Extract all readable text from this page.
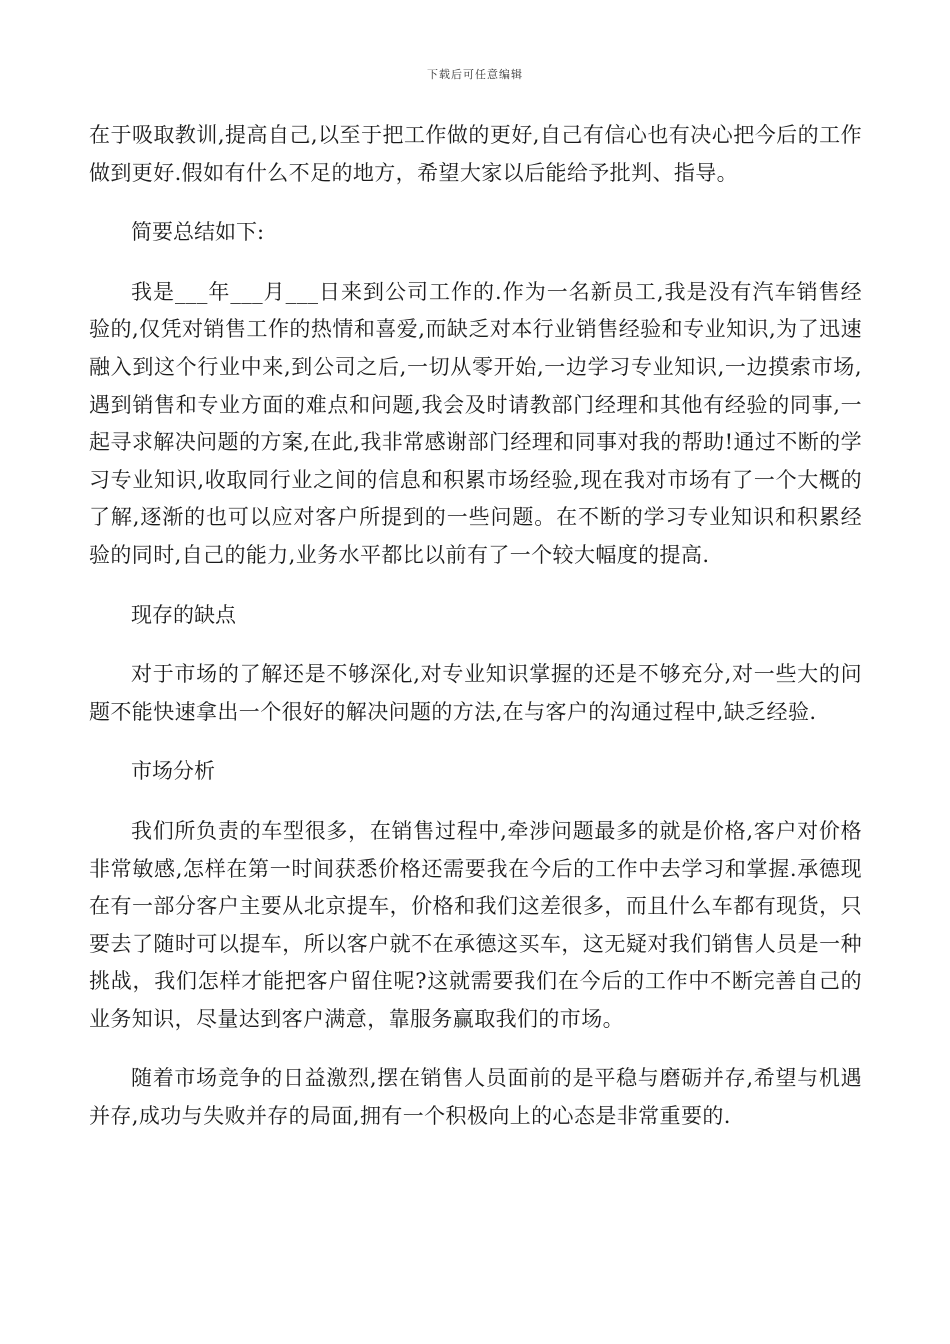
下载后可任意编辑

在于吸取教训,提高自己,以至于把工作做的更好,自己有信心也有决心把今后的工作做到更好.假如有什么不足的地方，希望大家以后能给予批判、指导。

简要总结如下:

我是___年___月___日来到公司工作的.作为一名新员工,我是没有汽车销售经验的,仅凭对销售工作的热情和喜爱,而缺乏对本行业销售经验和专业知识,为了迅速融入到这个行业中来,到公司之后,一切从零开始,一边学习专业知识,一边摸索市场,遇到销售和专业方面的难点和问题,我会及时请教部门经理和其他有经验的同事,一起寻求解决问题的方案,在此,我非常感谢部门经理和同事对我的帮助!通过不断的学习专业知识,收取同行业之间的信息和积累市场经验,现在我对市场有了一个大概的了解,逐渐的也可以应对客户所提到的一些问题。在不断的学习专业知识和积累经验的同时,自己的能力,业务水平都比以前有了一个较大幅度的提高.

现存的缺点

对于市场的了解还是不够深化,对专业知识掌握的还是不够充分,对一些大的问题不能快速拿出一个很好的解决问题的方法,在与客户的沟通过程中,缺乏经验.

市场分析

我们所负责的车型很多，在销售过程中,牵涉问题最多的就是价格,客户对价格非常敏感,怎样在第一时间获悉价格还需要我在今后的工作中去学习和掌握.承德现在有一部分客户主要从北京提车，价格和我们这差很多，而且什么车都有现货，只要去了随时可以提车，所以客户就不在承德这买车，这无疑对我们销售人员是一种挑战，我们怎样才能把客户留住呢?这就需要我们在今后的工作中不断完善自己的业务知识，尽量达到客户满意，靠服务赢取我们的市场。

随着市场竞争的日益激烈,摆在销售人员面前的是平稳与磨砺并存,希望与机遇并存,成功与失败并存的局面,拥有一个积极向上的心态是非常重要的.
